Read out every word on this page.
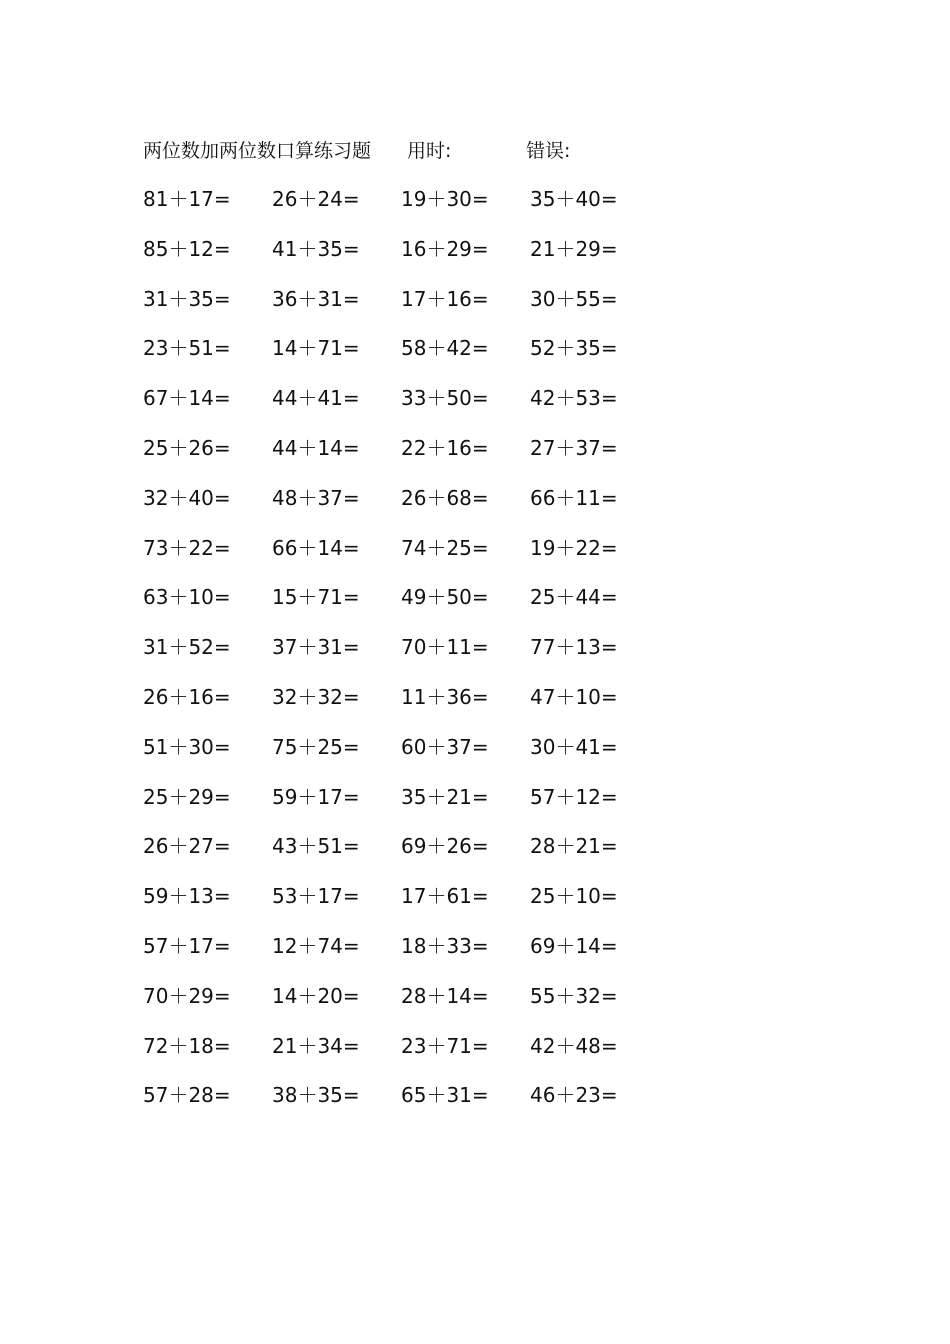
两位数加两位数口算练习题 用时:	错误:
81＋17= 26＋24= 19＋30= 35＋40=
85＋12= 41＋35= 16＋29= 21＋29=
31＋35= 36＋31= 17＋16= 30＋55=
23＋51= 14＋71= 58＋42= 52＋35=
67＋14= 44＋41= 33＋50= 42＋53=
25＋26= 44＋14= 22＋16= 27＋37=
32＋40= 48＋37= 26＋68= 66＋11=
73＋22= 66＋14= 74＋25= 19＋22=
63＋10= 15＋71= 49＋50= 25＋44=
31＋52= 37＋31= 70＋11= 77＋13=
26＋16= 32＋32= 11＋36= 47＋10=
51＋30= 75＋25= 60＋37= 30＋41=
25＋29= 59＋17= 35＋21= 57＋12=
26＋27= 43＋51= 69＋26= 28＋21=
59＋13= 53＋17= 17＋61= 25＋10=
57＋17= 12＋74= 18＋33= 69＋14=
70＋29= 14＋20= 28＋14= 55＋32=
72＋18= 21＋34= 23＋71= 42＋48=
57＋28= 38＋35= 65＋31= 46＋23=
